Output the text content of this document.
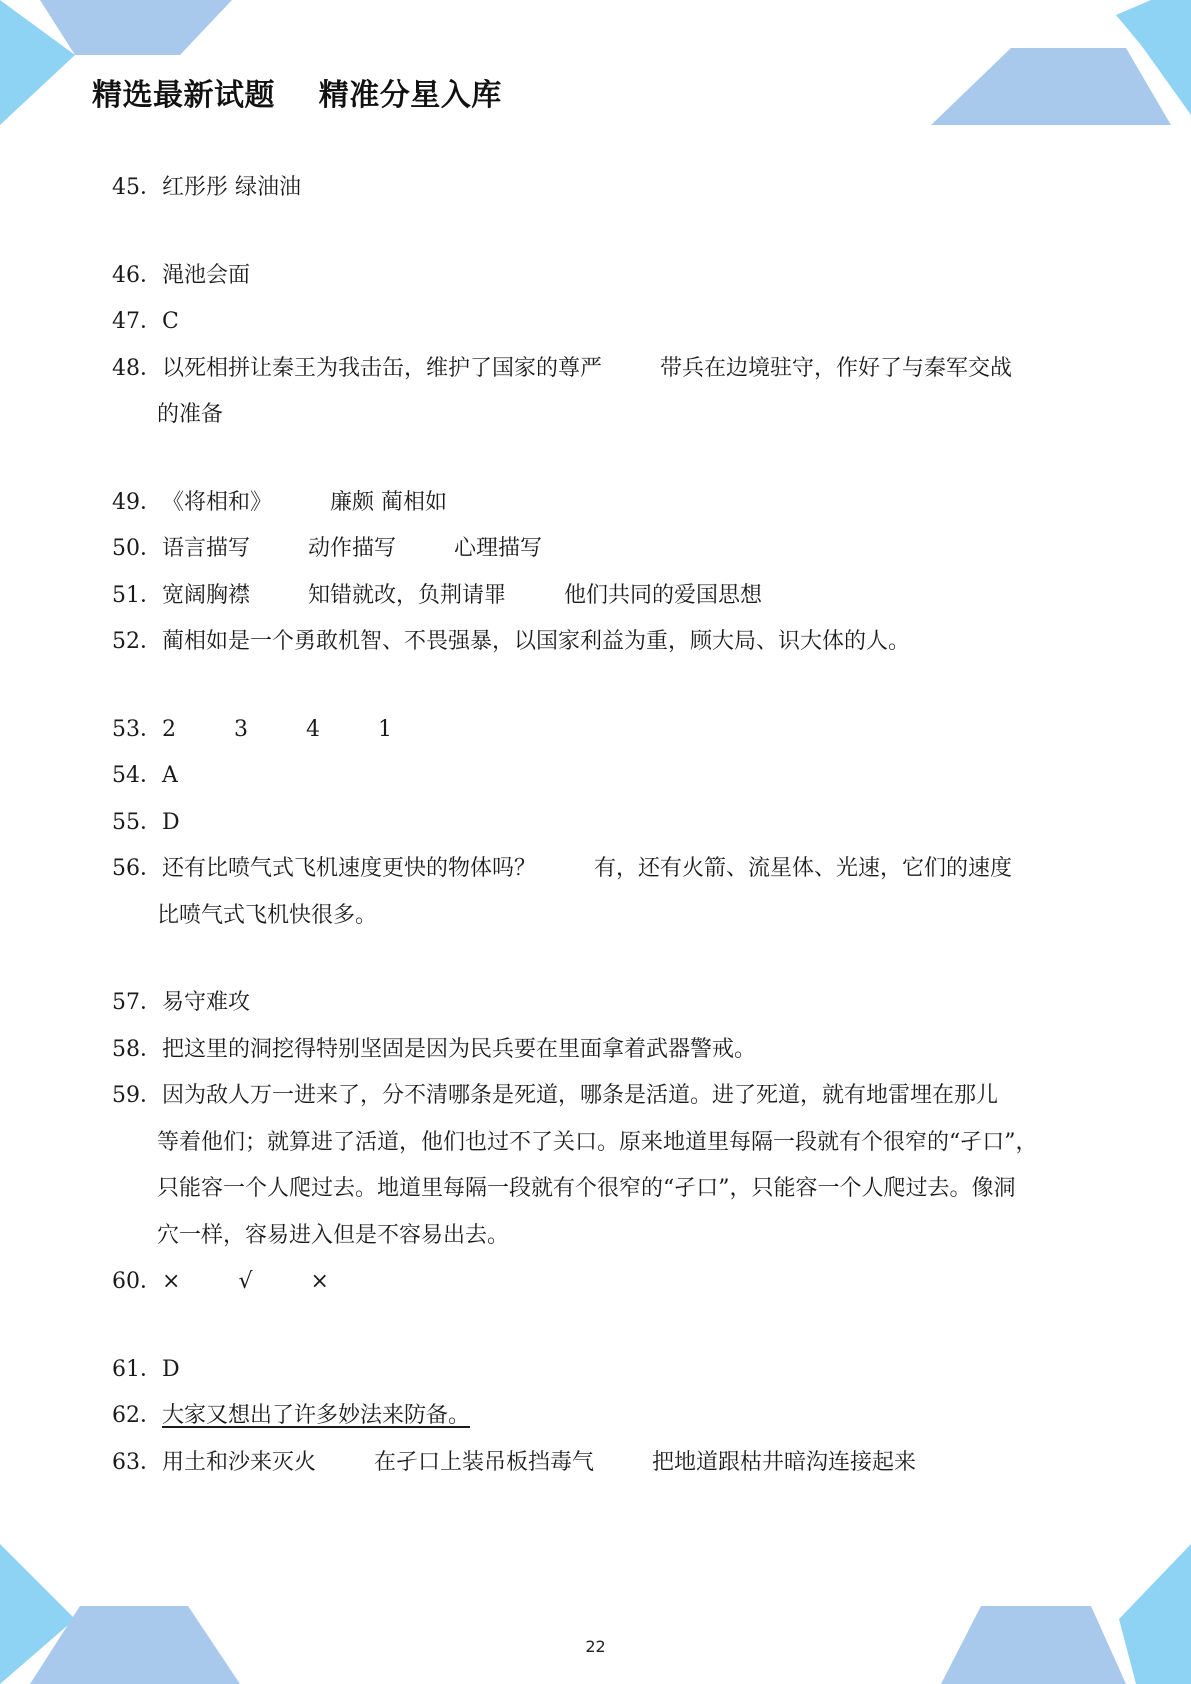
精选最新试题    精准分星入库
45． 红彤彤 绿油油
46． 渑池会面
47． C
48． 以死相拼让秦王为我击缶，维护了国家的尊严	带兵在边境驻守，作好了与秦军交战
的准备
49． 《将相和》	廉颇 蔺相如
50． 语言描写	动作描写	心理描写
51． 宽阔胸襟	知错就改，负荆请罪	他们共同的爱国思想
52． 蔺相如是一个勇敢机智、不畏强暴，以国家利益为重，顾大局、识大体的人。
53． 2	3	4	1
54． A
55． D
56． 还有比喷气式飞机速度更快的物体吗？	有，还有火箭、流星体、光速，它们的速度
比喷气式飞机快很多。
57． 易守难攻
58． 把这里的洞挖得特别坚固是因为民兵要在里面拿着武器警戒。
59． 因为敌人万一进来了，分不清哪条是死道，哪条是活道。进了死道，就有地雷埋在那儿
等着他们；就算进了活道，他们也过不了关口。原来地道里每隔一段就有个很窄的“孑口”，
只能容一个人爬过去。地道里每隔一段就有个很窄的“孑口”，只能容一个人爬过去。像洞
穴一样，容易进入但是不容易出去。
60． ×	√	×
61． D
62． 大家又想出了许多妙法来防备。
63． 用土和沙来灭火	在孑口上装吊板挡毒气	把地道跟枯井暗沟连接起来
22
